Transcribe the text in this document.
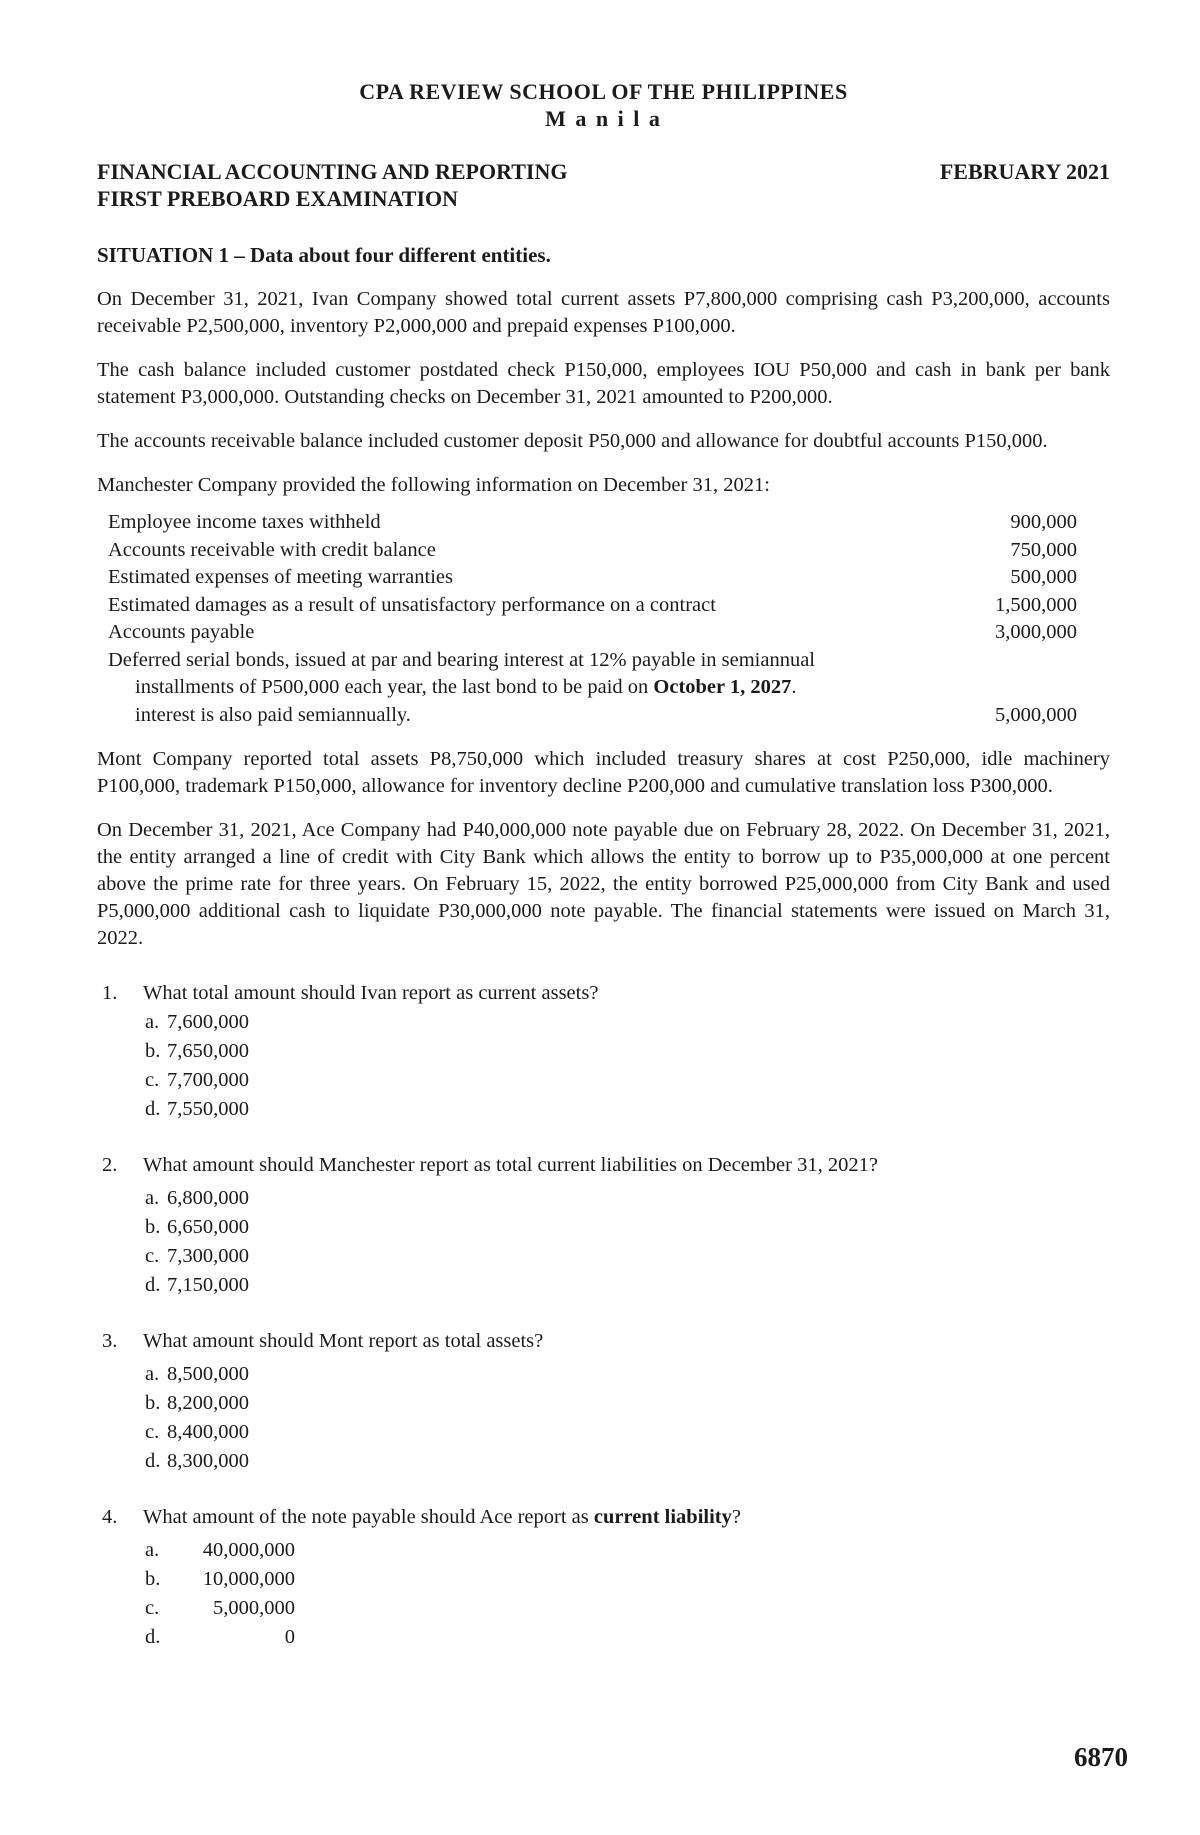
CPA REVIEW SCHOOL OF THE PHILIPPINES
M a n i l a
FINANCIAL ACCOUNTING AND REPORTING	FEBRUARY 2021
FIRST PREBOARD EXAMINATION
SITUATION 1 – Data about four different entities.

On December 31, 2021, Ivan Company showed total current assets P7,800,000 comprising cash P3,200,000, accounts receivable P2,500,000, inventory P2,000,000 and prepaid expenses P100,000.

The cash balance included customer postdated check P150,000, employees IOU P50,000 and cash in bank per bank statement P3,000,000. Outstanding checks on December 31, 2021 amounted to P200,000.

The accounts receivable balance included customer deposit P50,000 and allowance for doubtful accounts P150,000.

Manchester Company provided the following information on December 31, 2021:

Employee income taxes withheld	900,000
Accounts receivable with credit balance	750,000
Estimated expenses of meeting warranties	500,000
Estimated damages as a result of unsatisfactory performance on a contract	1,500,000
Accounts payable	3,000,000
Deferred serial bonds, issued at par and bearing interest at 12% payable in semiannual
installments of P500,000 each year, the last bond to be paid on October 1, 2027.
interest is also paid semiannually.	5,000,000

Mont Company reported total assets P8,750,000 which included treasury shares at cost P250,000, idle machinery P100,000, trademark P150,000, allowance for inventory decline P200,000 and cumulative translation loss P300,000.

On December 31, 2021, Ace Company had P40,000,000 note payable due on February 28, 2022. On December 31, 2021, the entity arranged a line of credit with City Bank which allows the entity to borrow up to P35,000,000 at one percent above the prime rate for three years. On February 15, 2022, the entity borrowed P25,000,000 from City Bank and used P5,000,000 additional cash to liquidate P30,000,000 note payable. The financial statements were issued on March 31, 2022.

1.	What total amount should Ivan report as current assets?
a. 7,600,000
b. 7,650,000
c. 7,700,000
d. 7,550,000
2.	What amount should Manchester report as total current liabilities on December 31, 2021?
a. 6,800,000
b. 6,650,000
c. 7,300,000
d. 7,150,000
3.	What amount should Mont report as total assets?
a. 8,500,000
b. 8,200,000
c. 8,400,000
d. 8,300,000
4.	What amount of the note payable should Ace report as current liability?
a.	40,000,000
b.	10,000,000
c.	5,000,000
d.	0
6870
